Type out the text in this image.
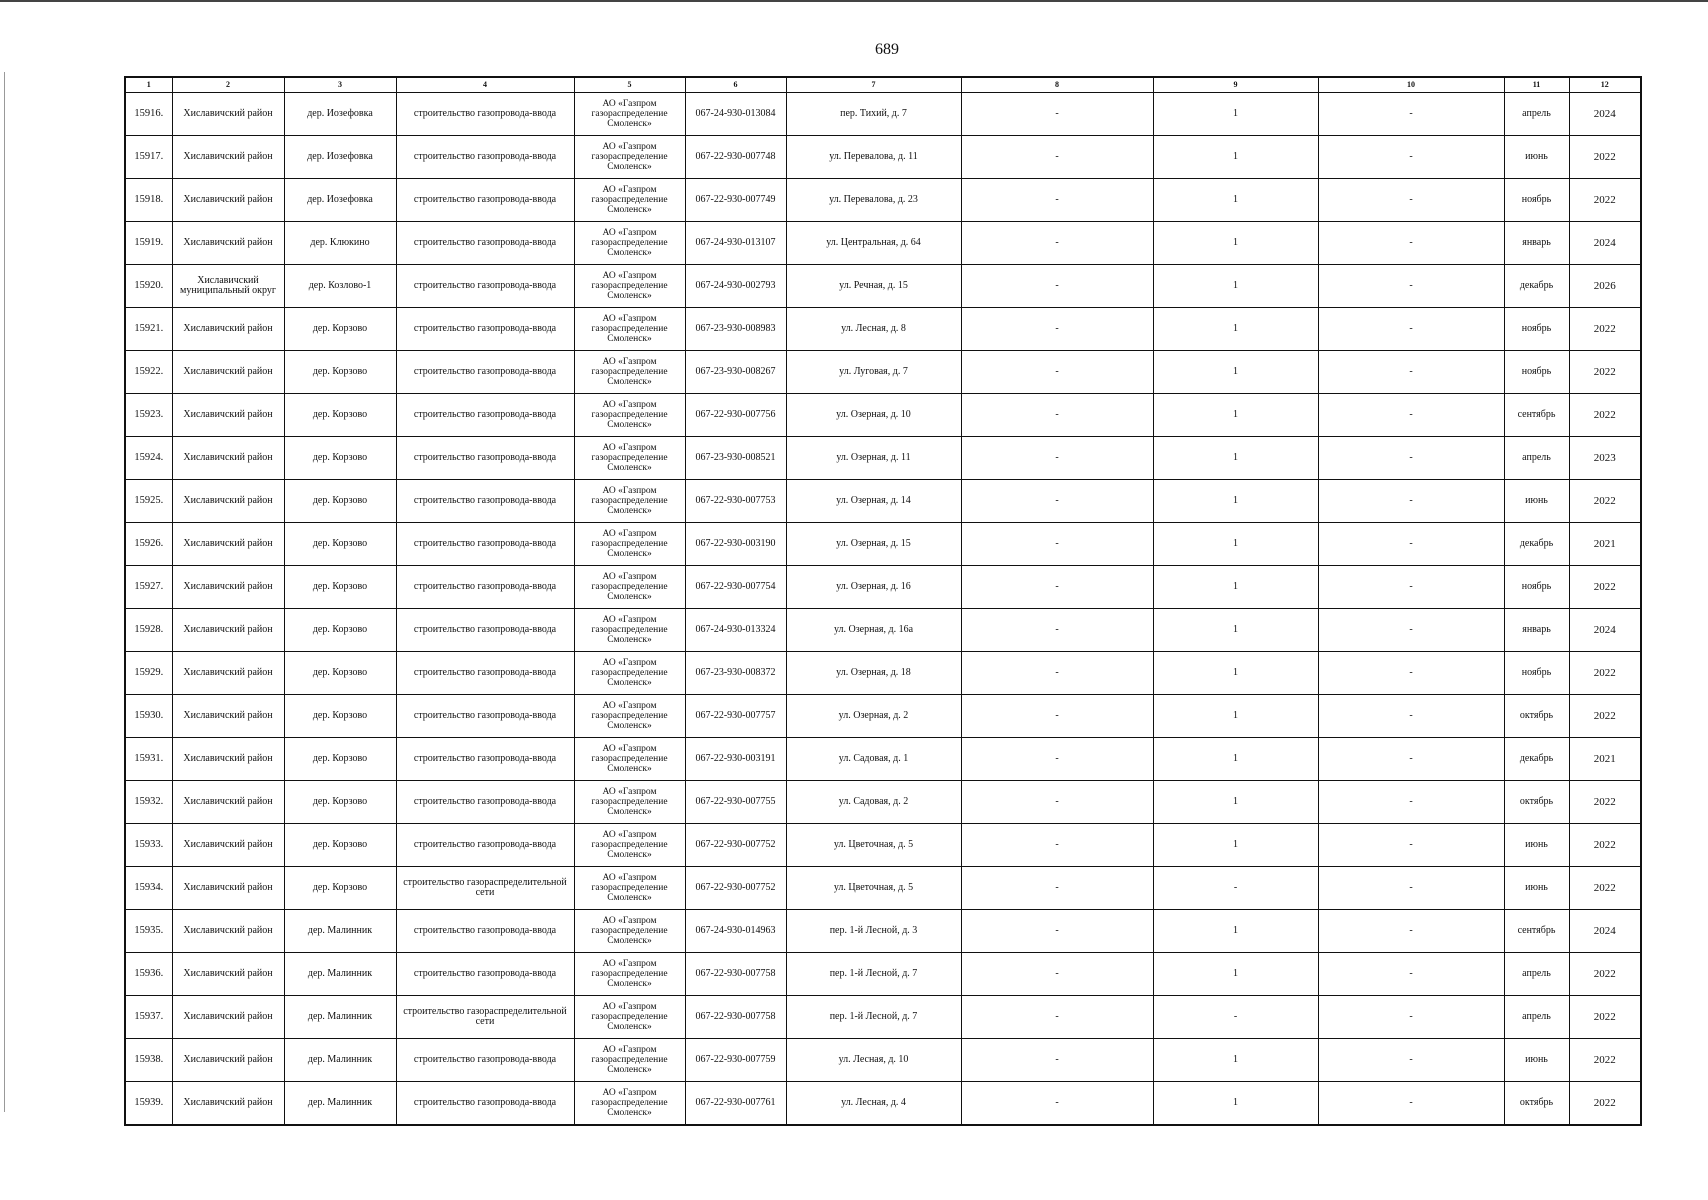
689
1	2	3	4	5	6	7	8	9	10	11	12
15916.	Хиславичский район	дер. Иозефовка	строительство газопровода-ввода	АО «Газпром газораспределение Смоленск»	067-24-930-013084	пер. Тихий, д. 7	-	1	-	апрель	2024
15917.	Хиславичский район	дер. Иозефовка	строительство газопровода-ввода	АО «Газпром газораспределение Смоленск»	067-22-930-007748	ул. Перевалова, д. 11	-	1	-	июнь	2022
15918.	Хиславичский район	дер. Иозефовка	строительство газопровода-ввода	АО «Газпром газораспределение Смоленск»	067-22-930-007749	ул. Перевалова, д. 23	-	1	-	ноябрь	2022
15919.	Хиславичский район	дер. Клюкино	строительство газопровода-ввода	АО «Газпром газораспределение Смоленск»	067-24-930-013107	ул. Центральная, д. 64	-	1	-	январь	2024
15920.	Хиславичский муниципальный округ	дер. Козлово-1	строительство газопровода-ввода	АО «Газпром газораспределение Смоленск»	067-24-930-002793	ул. Речная, д. 15	-	1	-	декабрь	2026
15921.	Хиславичский район	дер. Корзово	строительство газопровода-ввода	АО «Газпром газораспределение Смоленск»	067-23-930-008983	ул. Лесная, д. 8	-	1	-	ноябрь	2022
15922.	Хиславичский район	дер. Корзово	строительство газопровода-ввода	АО «Газпром газораспределение Смоленск»	067-23-930-008267	ул. Луговая, д. 7	-	1	-	ноябрь	2022
15923.	Хиславичский район	дер. Корзово	строительство газопровода-ввода	АО «Газпром газораспределение Смоленск»	067-22-930-007756	ул. Озерная, д. 10	-	1	-	сентябрь	2022
15924.	Хиславичский район	дер. Корзово	строительство газопровода-ввода	АО «Газпром газораспределение Смоленск»	067-23-930-008521	ул. Озерная, д. 11	-	1	-	апрель	2023
15925.	Хиславичский район	дер. Корзово	строительство газопровода-ввода	АО «Газпром газораспределение Смоленск»	067-22-930-007753	ул. Озерная, д. 14	-	1	-	июнь	2022
15926.	Хиславичский район	дер. Корзово	строительство газопровода-ввода	АО «Газпром газораспределение Смоленск»	067-22-930-003190	ул. Озерная, д. 15	-	1	-	декабрь	2021
15927.	Хиславичский район	дер. Корзово	строительство газопровода-ввода	АО «Газпром газораспределение Смоленск»	067-22-930-007754	ул. Озерная, д. 16	-	1	-	ноябрь	2022
15928.	Хиславичский район	дер. Корзово	строительство газопровода-ввода	АО «Газпром газораспределение Смоленск»	067-24-930-013324	ул. Озерная, д. 16а	-	1	-	январь	2024
15929.	Хиславичский район	дер. Корзово	строительство газопровода-ввода	АО «Газпром газораспределение Смоленск»	067-23-930-008372	ул. Озерная, д. 18	-	1	-	ноябрь	2022
15930.	Хиславичский район	дер. Корзово	строительство газопровода-ввода	АО «Газпром газораспределение Смоленск»	067-22-930-007757	ул. Озерная, д. 2	-	1	-	октябрь	2022
15931.	Хиславичский район	дер. Корзово	строительство газопровода-ввода	АО «Газпром газораспределение Смоленск»	067-22-930-003191	ул. Садовая, д. 1	-	1	-	декабрь	2021
15932.	Хиславичский район	дер. Корзово	строительство газопровода-ввода	АО «Газпром газораспределение Смоленск»	067-22-930-007755	ул. Садовая, д. 2	-	1	-	октябрь	2022
15933.	Хиславичский район	дер. Корзово	строительство газопровода-ввода	АО «Газпром газораспределение Смоленск»	067-22-930-007752	ул. Цветочная, д. 5	-	1	-	июнь	2022
15934.	Хиславичский район	дер. Корзово	строительство газораспределительной сети	АО «Газпром газораспределение Смоленск»	067-22-930-007752	ул. Цветочная, д. 5	-	-	-	июнь	2022
15935.	Хиславичский район	дер. Малинник	строительство газопровода-ввода	АО «Газпром газораспределение Смоленск»	067-24-930-014963	пер. 1-й Лесной, д. 3	-	1	-	сентябрь	2024
15936.	Хиславичский район	дер. Малинник	строительство газопровода-ввода	АО «Газпром газораспределение Смоленск»	067-22-930-007758	пер. 1-й Лесной, д. 7	-	1	-	апрель	2022
15937.	Хиславичский район	дер. Малинник	строительство газораспределительной сети	АО «Газпром газораспределение Смоленск»	067-22-930-007758	пер. 1-й Лесной, д. 7	-	-	-	апрель	2022
15938.	Хиславичский район	дер. Малинник	строительство газопровода-ввода	АО «Газпром газораспределение Смоленск»	067-22-930-007759	ул. Лесная, д. 10	-	1	-	июнь	2022
15939.	Хиславичский район	дер. Малинник	строительство газопровода-ввода	АО «Газпром газораспределение Смоленск»	067-22-930-007761	ул. Лесная, д. 4	-	1	-	октябрь	2022
